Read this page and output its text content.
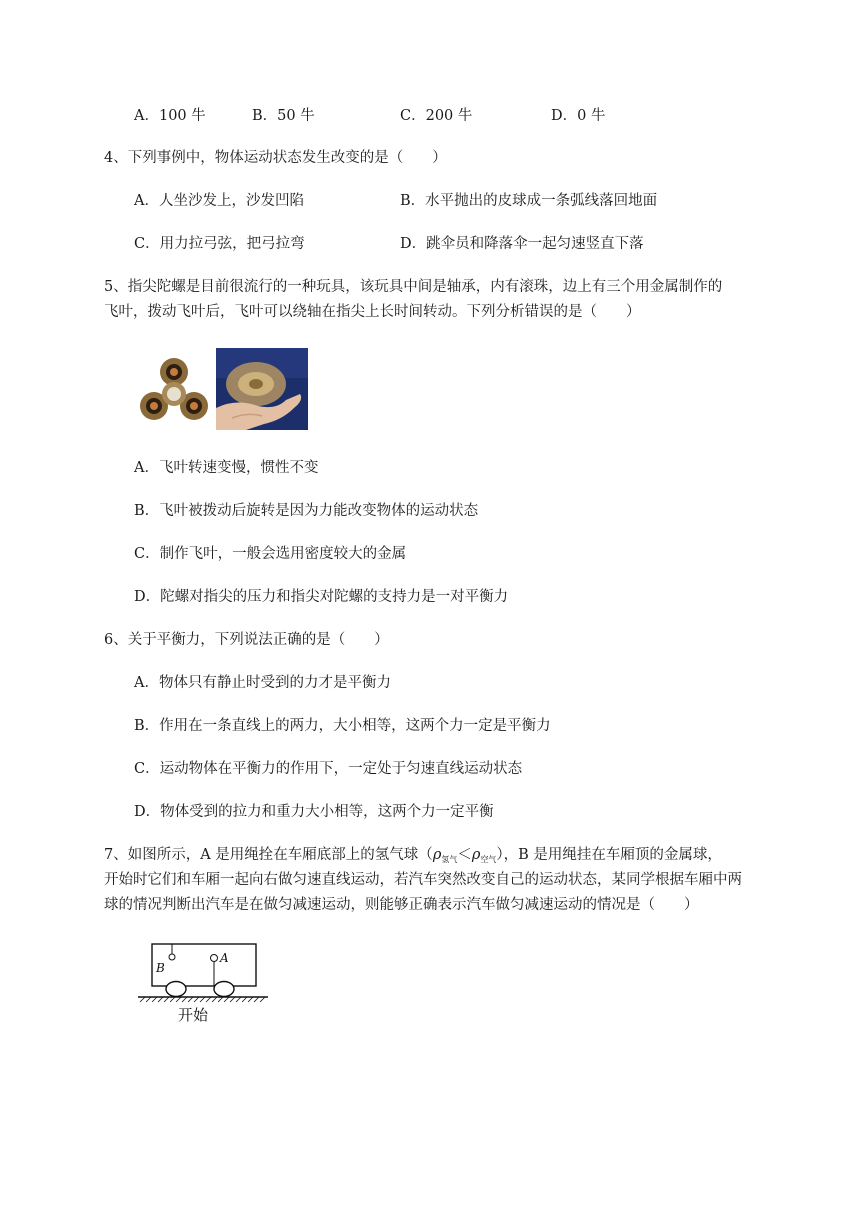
A．100 牛	B．50 牛	C．200 牛	D．0 牛
4、下列事例中，物体运动状态发生改变的是（　　）
A．人坐沙发上，沙发凹陷	B．水平抛出的皮球成一条弧线落回地面
C．用力拉弓弦，把弓拉弯	D．跳伞员和降落伞一起匀速竖直下落
5、指尖陀螺是目前很流行的一种玩具，该玩具中间是轴承，内有滚珠，边上有三个用金属制作的
飞叶，拨动飞叶后，飞叶可以绕轴在指尖上长时间转动。下列分析错误的是（　　）
A．飞叶转速变慢，惯性不变
B．飞叶被拨动后旋转是因为力能改变物体的运动状态
C．制作飞叶，一般会选用密度较大的金属
D．陀螺对指尖的压力和指尖对陀螺的支持力是一对平衡力
6、关于平衡力，下列说法正确的是（　　）
A．物体只有静止时受到的力才是平衡力
B．作用在一条直线上的两力，大小相等，这两个力一定是平衡力
C．运动物体在平衡力的作用下，一定处于匀速直线运动状态
D．物体受到的拉力和重力大小相等，这两个力一定平衡
7、如图所示，A 是用绳拴在车厢底部上的氢气球$(\rho_{氢气}<\rho_{空气})$，B 是用绳挂在车厢顶的金属球，
开始时它们和车厢一起向右做匀速直线运动，若汽车突然改变自己的运动状态，某同学根据车厢中两
球的情况判断出汽车是在做匀减速运动，则能够正确表示汽车做匀减速运动的情况是（　　）
B
A
开始
